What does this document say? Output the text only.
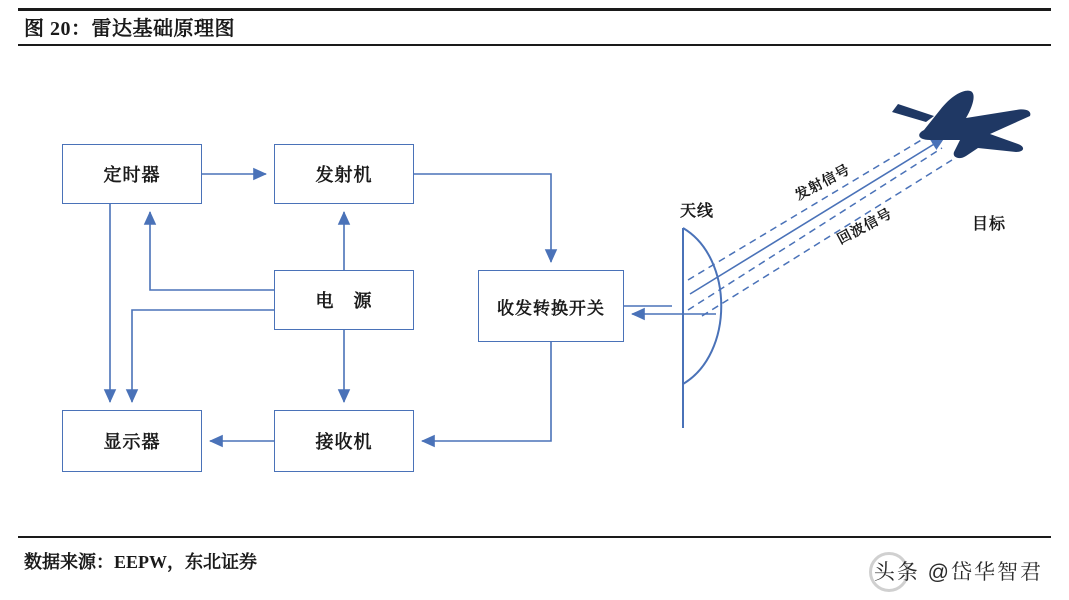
图 20：雷达基础原理图
定时器	发射机
电　源	收发转换开关
显示器	接收机
天线
目标
发射信号
回波信号
数据来源：EEPW，东北证券	头条 @岱华智君
